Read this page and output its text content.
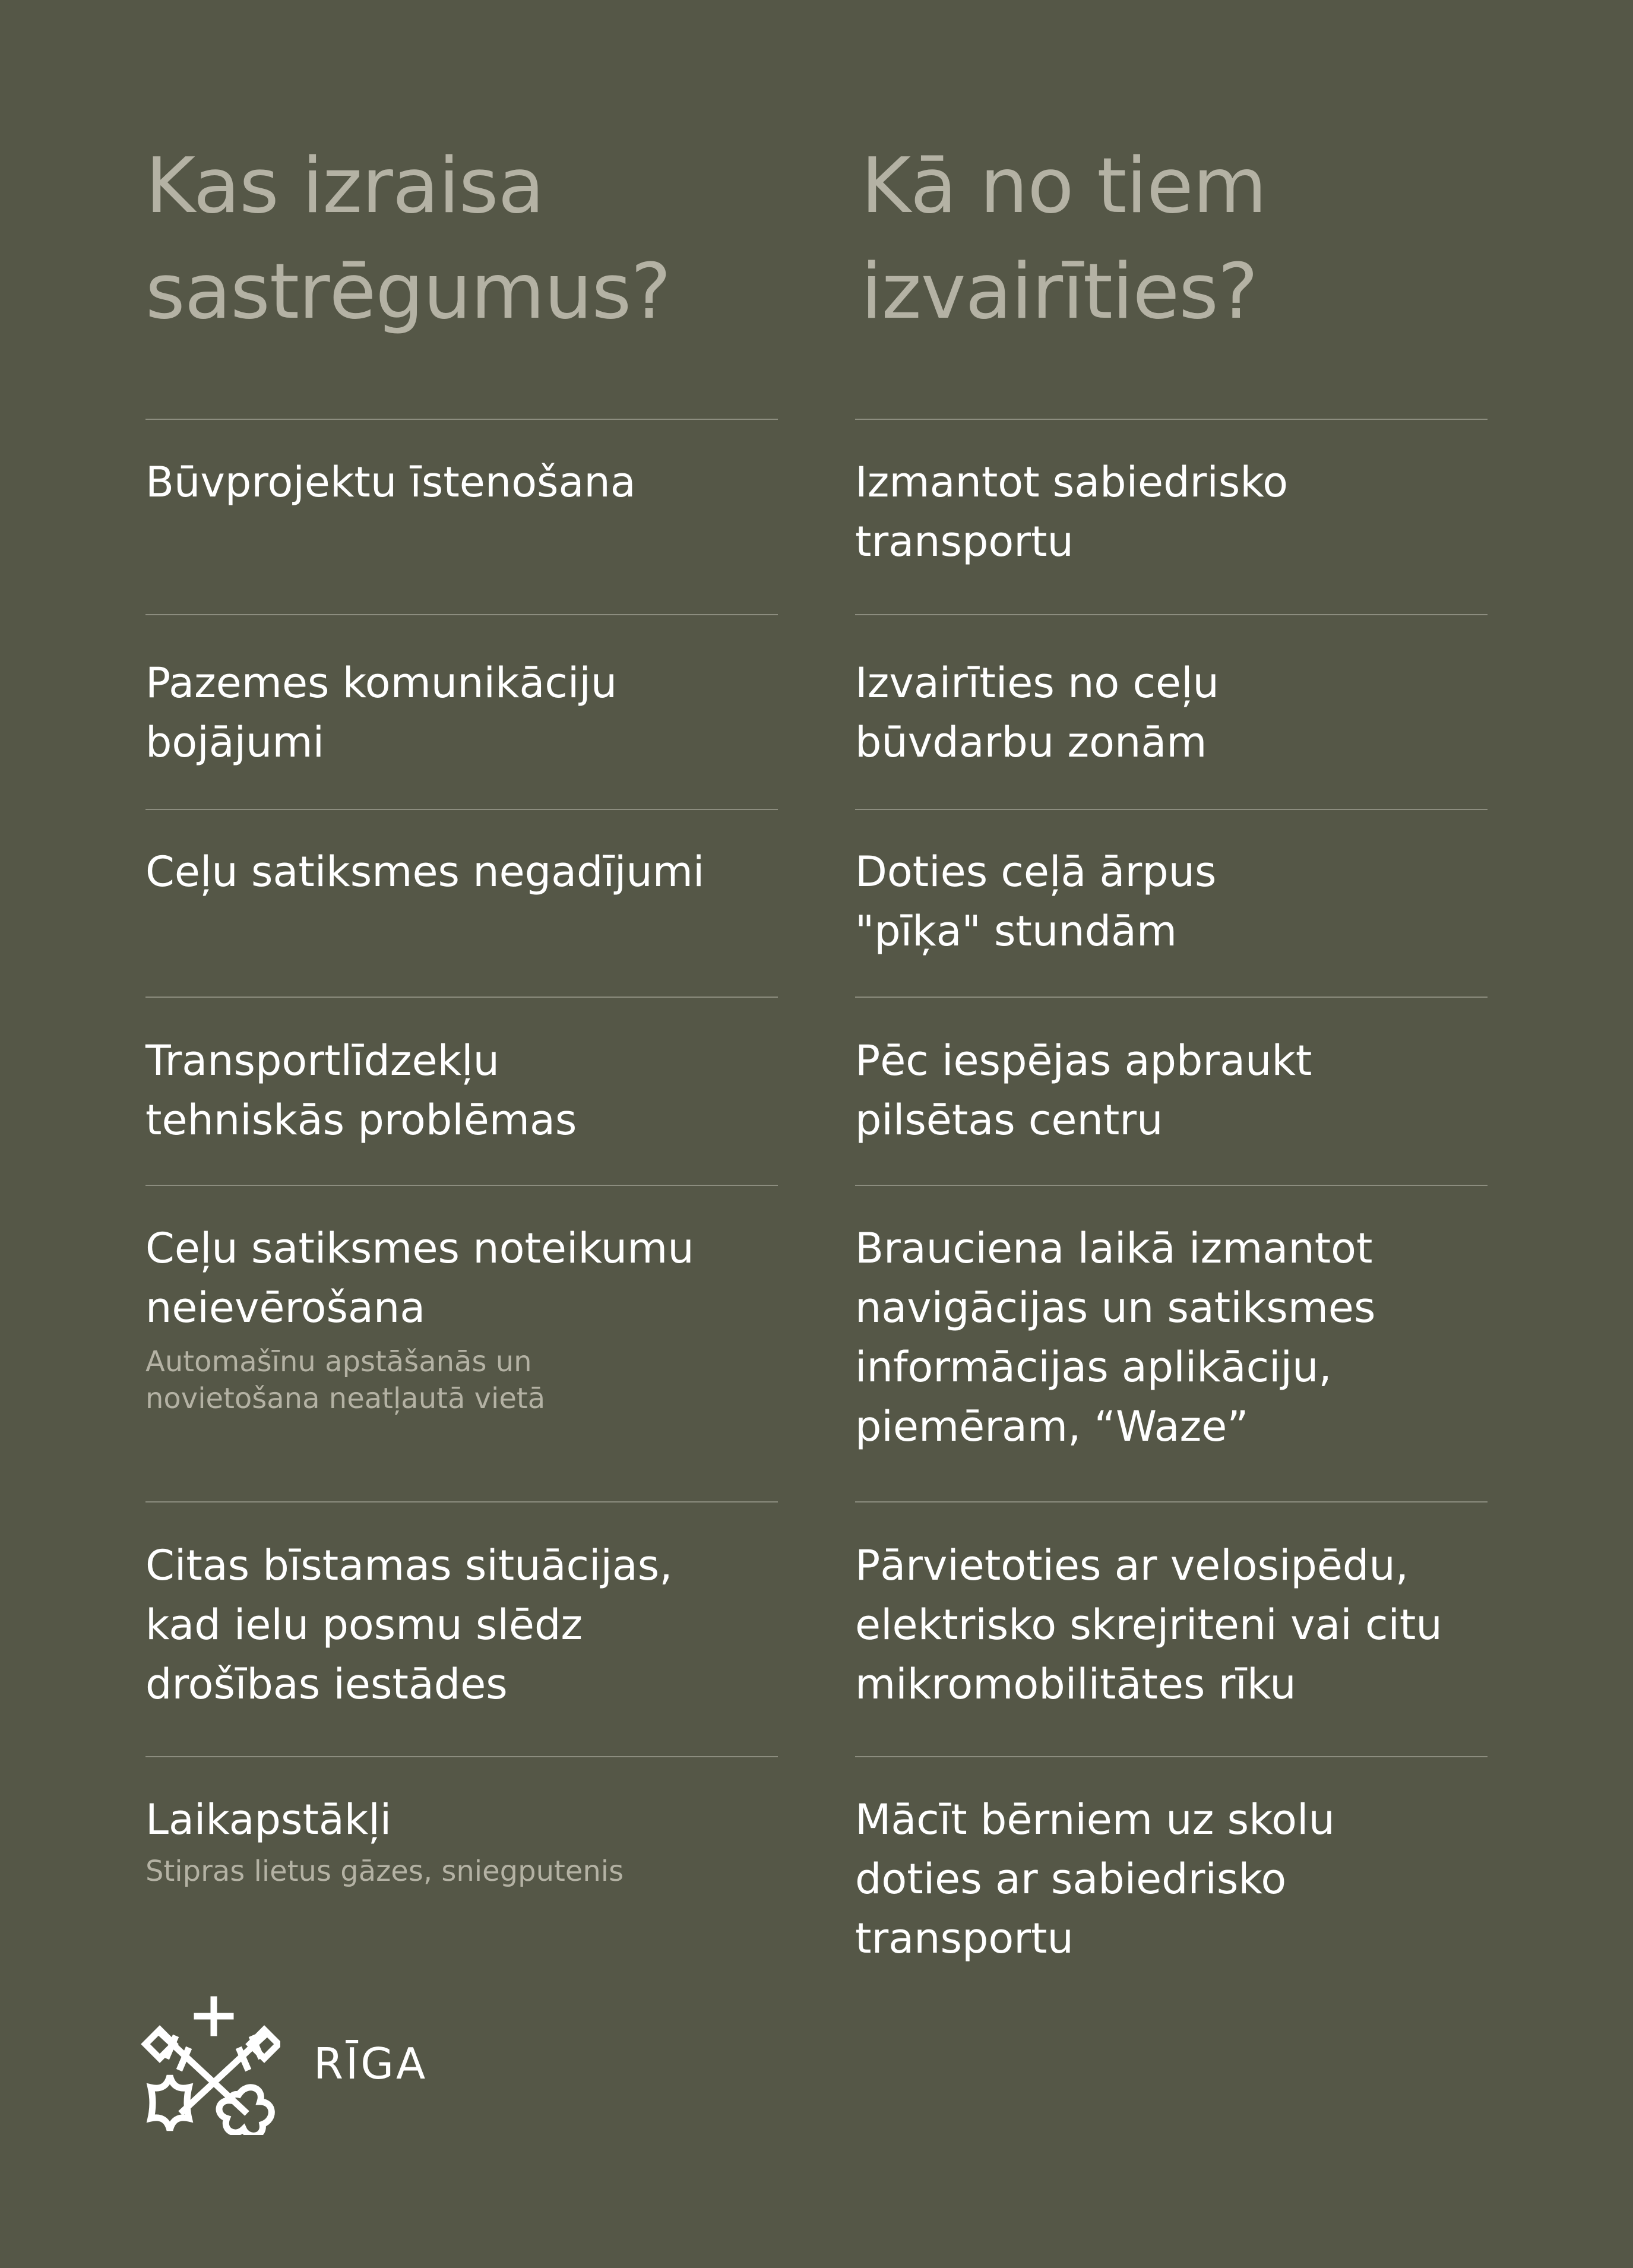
Kas izraisa
sastrēgumus?
Būvprojektu īstenošana
Pazemes komunikāciju
bojājumi
Ceļu satiksmes negadījumi
Transportlīdzekļu
tehniskās problēmas
Ceļu satiksmes noteikumu
neievērošana
Automašīnu apstāšanās un
novietošana neatļautā vietā
Citas bīstamas situācijas,
kad ielu posmu slēdz
drošības iestādes
Laikapstākļi
Stipras lietus gāzes, sniegputenis
Kā no tiem
izvairīties?
Izmantot sabiedrisko
transportu
Izvairīties no ceļu
būvdarbu zonām
Doties ceļā ārpus
"pīķa" stundām
Pēc iespējas apbraukt
pilsētas centru
Brauciena laikā izmantot
navigācijas un satiksmes
informācijas aplikāciju,
piemēram, “Waze”
Pārvietoties ar velosipēdu,
elektrisko skrejriteni vai citu
mikromobilitātes rīku
Mācīt bērniem uz skolu
doties ar sabiedrisko
transportu
RĪGA
